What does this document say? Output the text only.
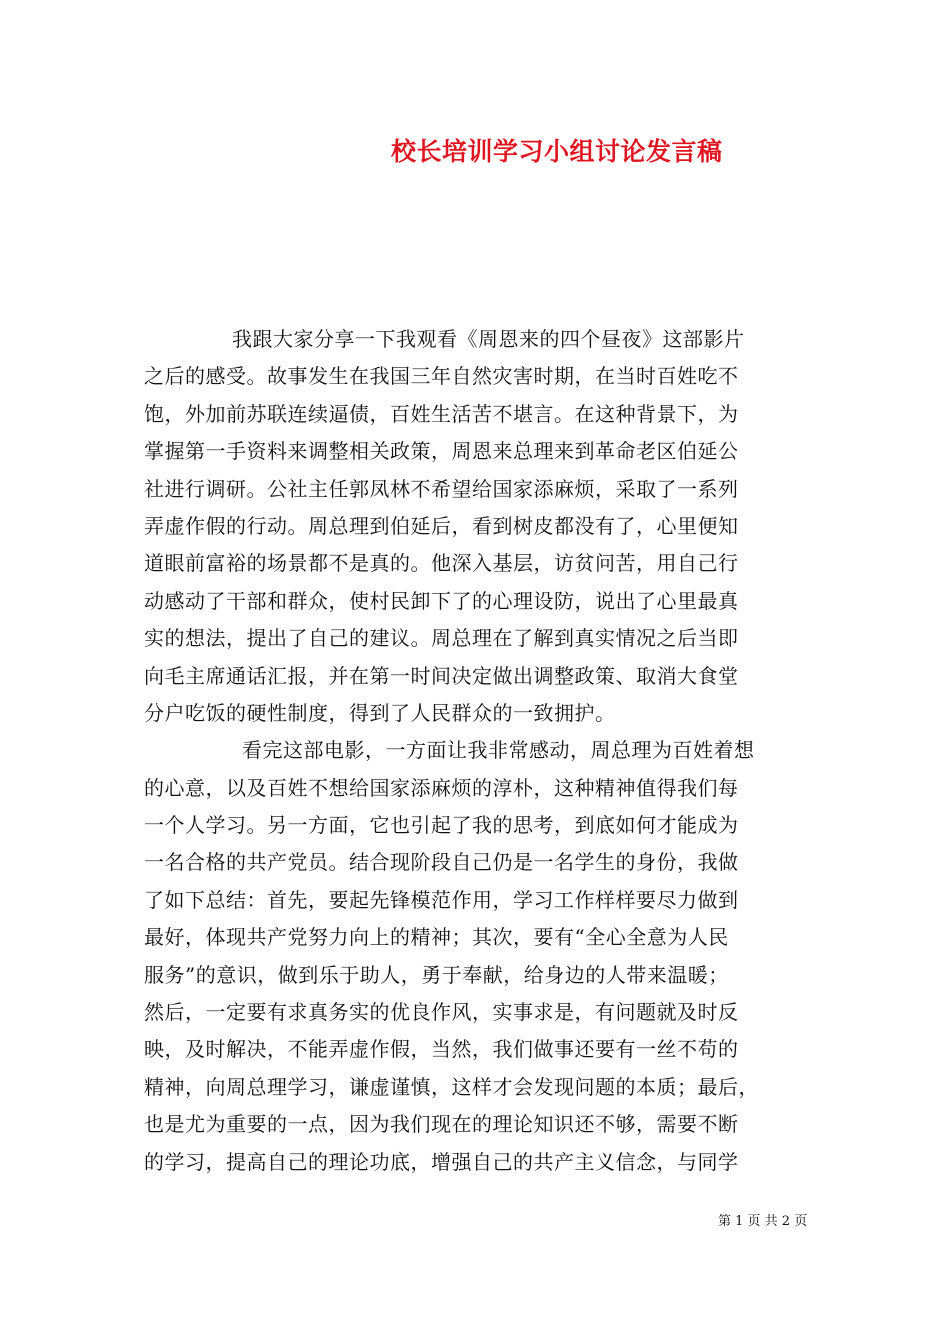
校长培训学习小组讨论发言稿
我跟大家分享一下我观看《周恩来的四个昼夜》这部影片
之后的感受。故事发生在我国三年自然灾害时期，在当时百姓吃不
饱，外加前苏联连续逼债，百姓生活苦不堪言。在这种背景下，为
掌握第一手资料来调整相关政策，周恩来总理来到革命老区伯延公
社进行调研。公社主任郭凤林不希望给国家添麻烦，采取了一系列
弄虚作假的行动。周总理到伯延后，看到树皮都没有了，心里便知
道眼前富裕的场景都不是真的。他深入基层，访贫问苦，用自己行
动感动了干部和群众，使村民卸下了的心理设防，说出了心里最真
实的想法，提出了自己的建议。周总理在了解到真实情况之后当即
向毛主席通话汇报，并在第一时间决定做出调整政策、取消大食堂
分户吃饭的硬性制度，得到了人民群众的一致拥护。
看完这部电影，一方面让我非常感动，周总理为百姓着想
的心意，以及百姓不想给国家添麻烦的淳朴，这种精神值得我们每
一个人学习。另一方面，它也引起了我的思考，到底如何才能成为
一名合格的共产党员。结合现阶段自己仍是一名学生的身份，我做
了如下总结：首先，要起先锋模范作用，学习工作样样要尽力做到
最好，体现共产党努力向上的精神；其次，要有“全心全意为人民
服务”的意识，做到乐于助人，勇于奉献，给身边的人带来温暖；
然后，一定要有求真务实的优良作风，实事求是，有问题就及时反
映，及时解决，不能弄虚作假，当然，我们做事还要有一丝不苟的
精神，向周总理学习，谦虚谨慎，这样才会发现问题的本质；最后，
也是尤为重要的一点，因为我们现在的理论知识还不够，需要不断
的学习，提高自己的理论功底，增强自己的共产主义信念，与同学
第 1 页 共 2 页
